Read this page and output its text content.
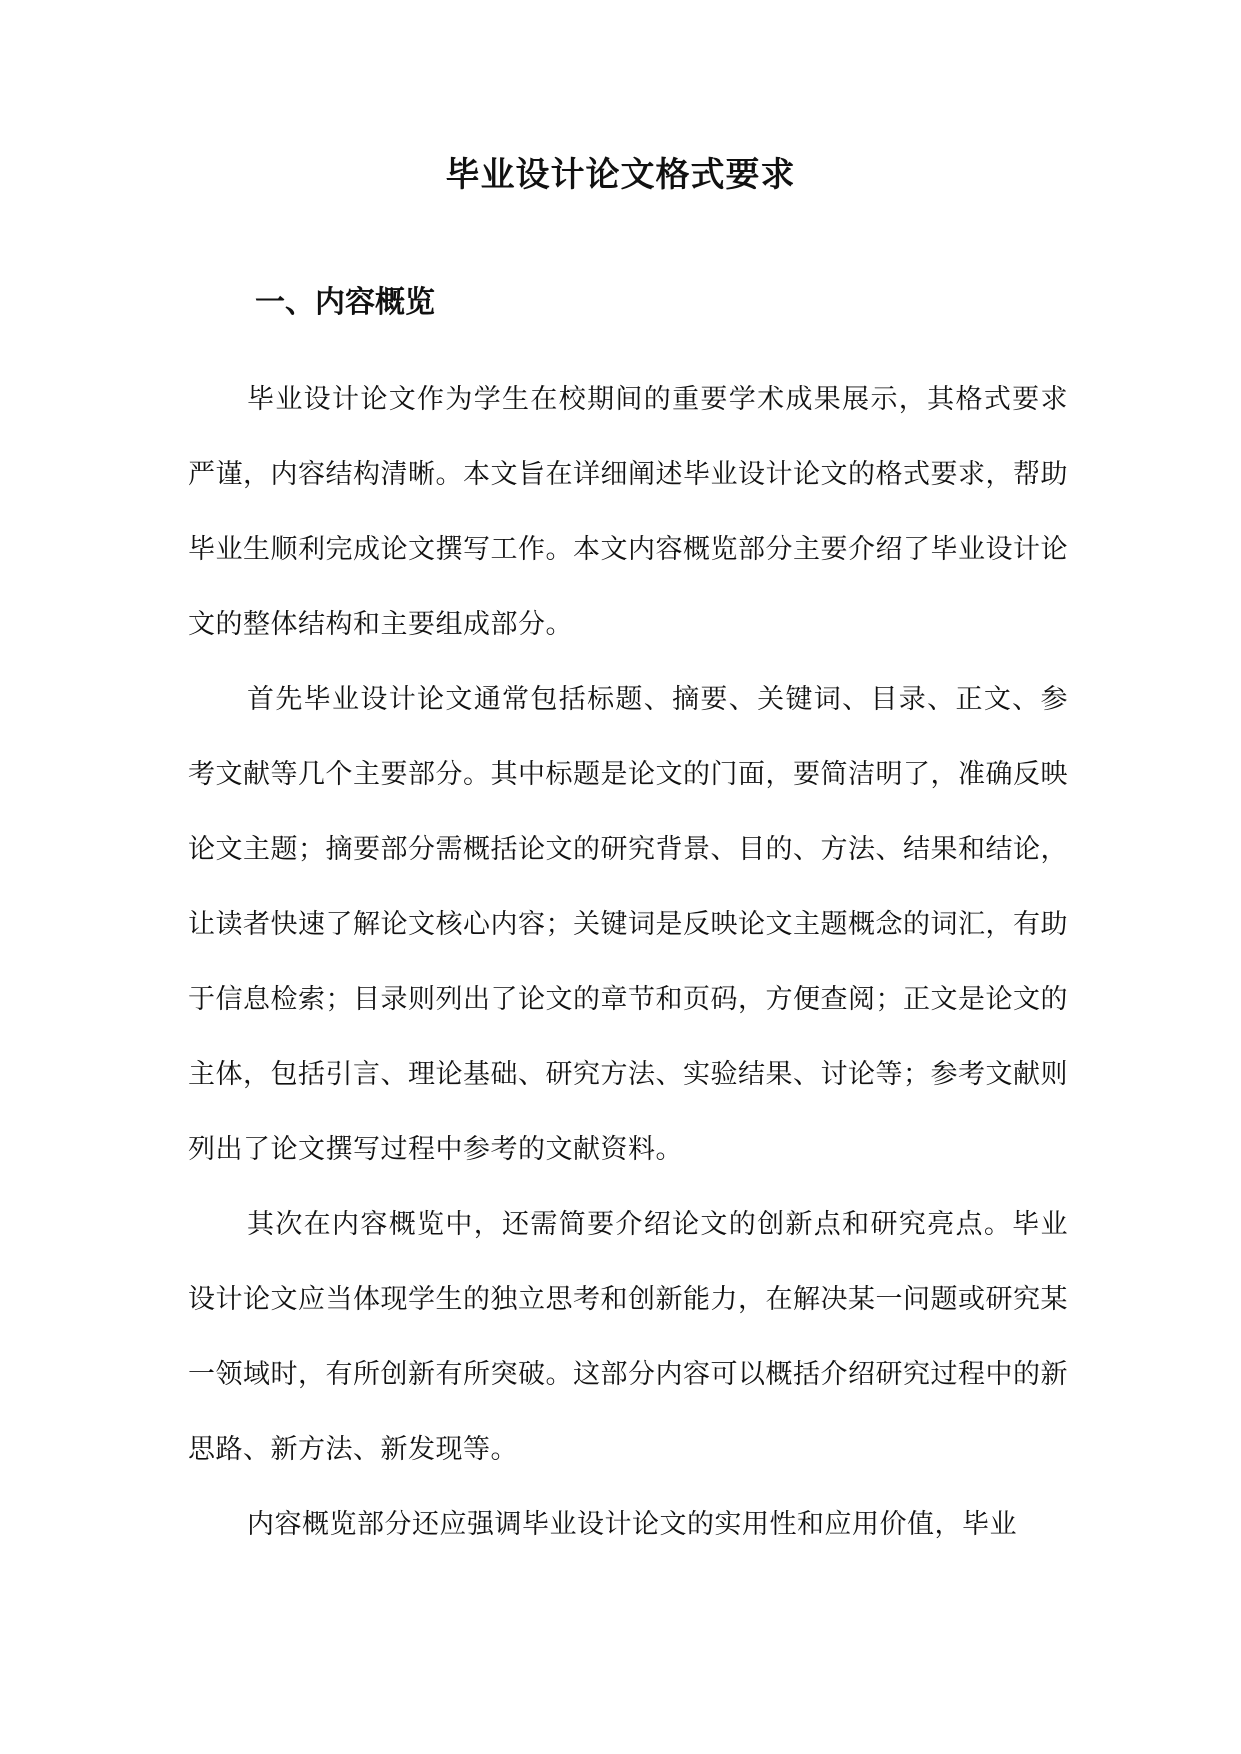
毕业设计论文格式要求
一、内容概览

毕业设计论文作为学生在校期间的重要学术成果展示，其格式要求严谨，内容结构清晰。本文旨在详细阐述毕业设计论文的格式要求，帮助毕业生顺利完成论文撰写工作。本文内容概览部分主要介绍了毕业设计论文的整体结构和主要组成部分。

首先毕业设计论文通常包括标题、摘要、关键词、目录、正文、参考文献等几个主要部分。其中标题是论文的门面，要简洁明了，准确反映论文主题；摘要部分需概括论文的研究背景、目的、方法、结果和结论，让读者快速了解论文核心内容；关键词是反映论文主题概念的词汇，有助于信息检索；目录则列出了论文的章节和页码，方便查阅；正文是论文的主体，包括引言、理论基础、研究方法、实验结果、讨论等；参考文献则列出了论文撰写过程中参考的文献资料。

其次在内容概览中，还需简要介绍论文的创新点和研究亮点。毕业设计论文应当体现学生的独立思考和创新能力，在解决某一问题或研究某一领域时，有所创新有所突破。这部分内容可以概括介绍研究过程中的新思路、新方法、新发现等。

内容概览部分还应强调毕业设计论文的实用性和应用价值，毕业
